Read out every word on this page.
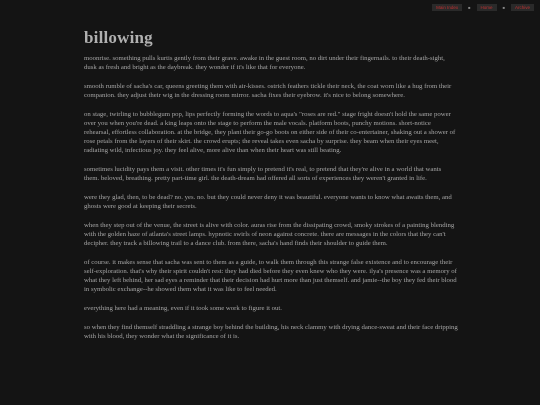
Main Index	■	Home	■	Archive
billowing

moonrise. something pulls kurtis gently from their grave. awake in the guest room, no dirt under their fingernails. to their death-sight, dusk as fresh and bright as the daybreak. they wonder if it's like that for everyone.

smooth rumble of sacha's car, queens greeting them with air-kisses. ostrich feathers tickle their neck, the coat worn like a hug from their companion. they adjust their wig in the dressing room mirror. sacha fixes their eyebrow. it's nice to belong somewhere.

on stage, twirling to bubblegum pop, lips perfectly forming the words to aqua's "roses are red." stage fright doesn't hold the same power over you when you're dead. a king leaps onto the stage to perform the male vocals. platform boots, punchy motions. short-notice rehearsal, effortless collaboration. at the bridge, they plant their go-go boots on either side of their co-entertainer, shaking out a shower of rose petals from the layers of their skirt. the crowd erupts; the reveal takes even sacha by surprise. they beam when their eyes meet, radiating wild, infectious joy. they feel alive, more alive than when their heart was still beating.

sometimes lucidity pays them a visit. other times it's fun simply to pretend it's real, to pretend that they're alive in a world that wants them. beloved, breathing. pretty part-time girl. the death-dream had offered all sorts of experiences they weren't granted in life.

were they glad, then, to be dead? no. yes. no. but they could never deny it was beautiful. everyone wants to know what awaits them, and ghosts were good at keeping their secrets.

when they step out of the venue, the street is alive with color. auras rise from the dissipating crowd, smoky strokes of a painting blending with the golden haze of atlanta's street lamps. hypnotic swirls of neon against concrete. there are messages in the colors that they can't decipher. they track a billowing trail to a dance club. from there, sacha's hand finds their shoulder to guide them.

of course. it makes sense that sacha was sent to them as a guide, to walk them through this strange false existence and to encourage their self-exploration. that's why their spirit couldn't rest: they had died before they even knew who they were. ilya's presence was a memory of what they left behind, her sad eyes a reminder that their decision had hurt more than just themself. and jamie--the boy they fed their blood in symbolic exchange--he showed them what it was like to feel needed.

everything here had a meaning, even if it took some work to figure it out.

so when they find themself straddling a strange boy behind the building, his neck clammy with drying dance-sweat and their face dripping with his blood, they wonder what the significance of it is.
